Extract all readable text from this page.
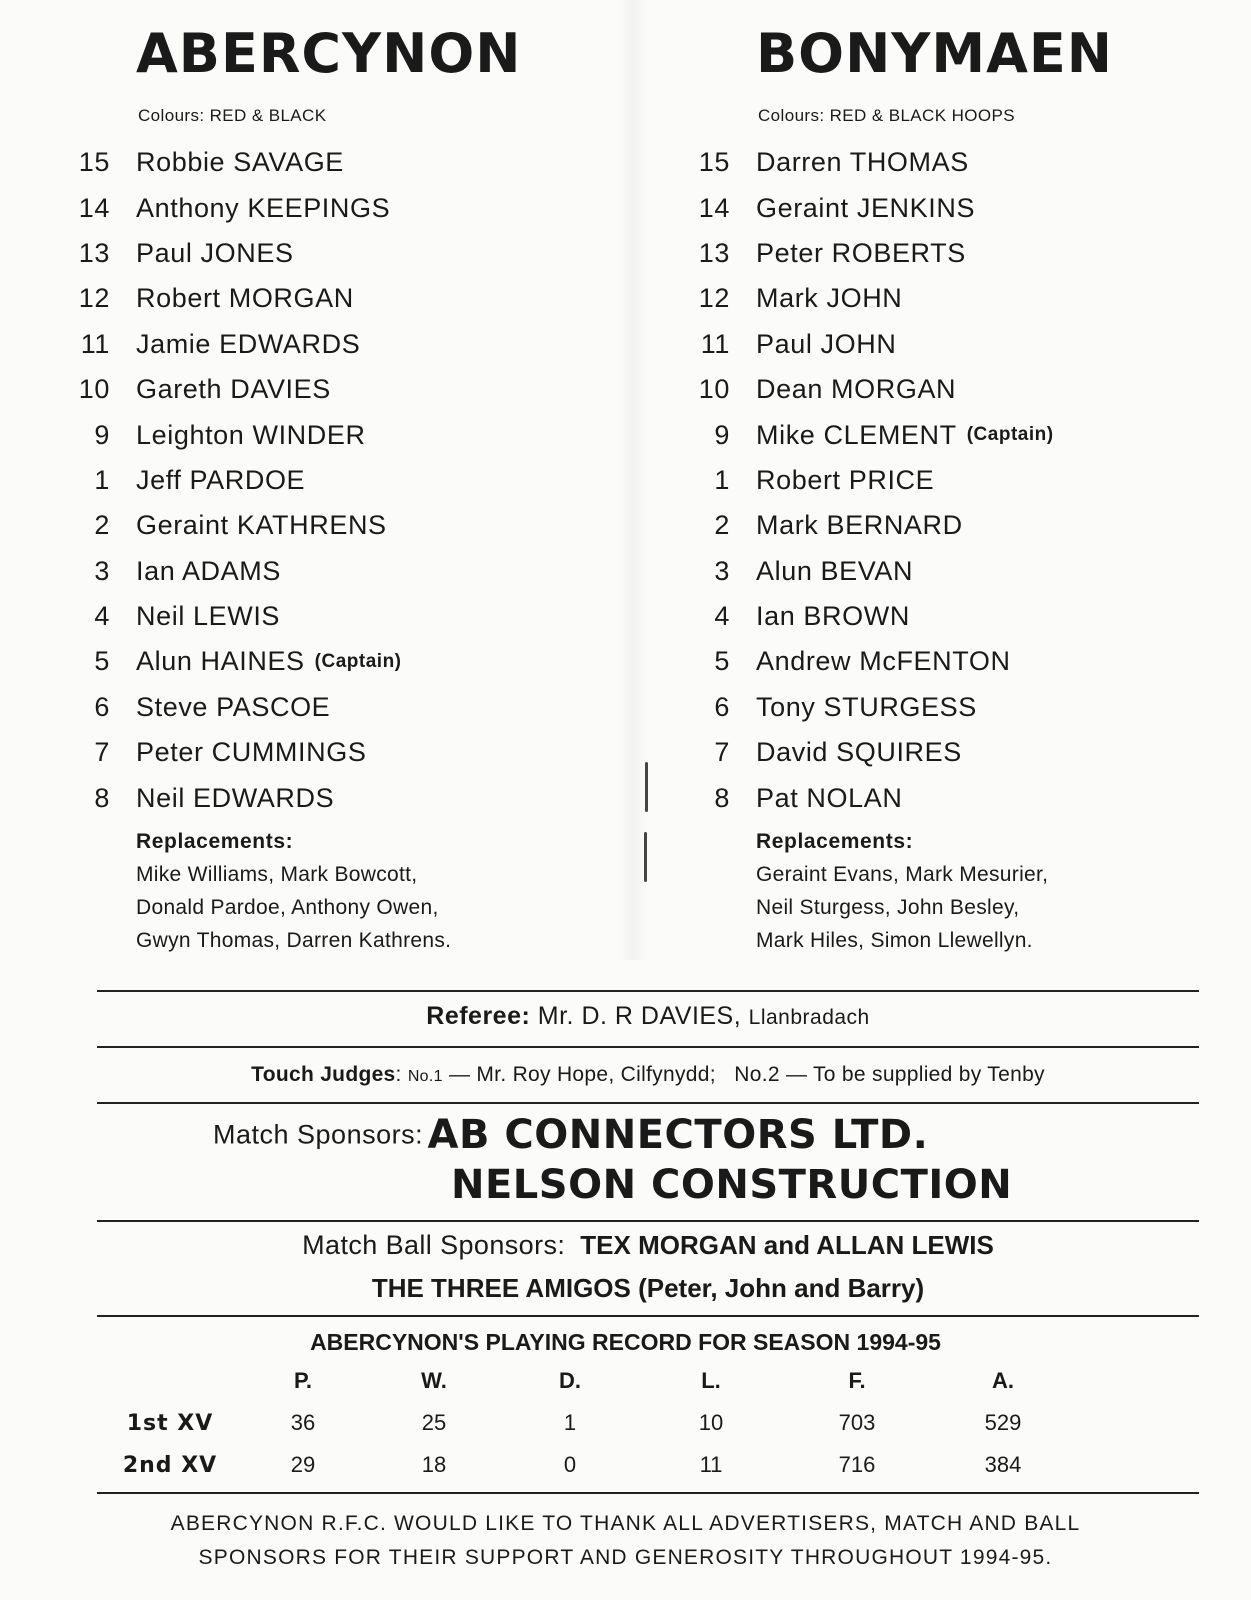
ABERCYNON
Colours: RED & BLACK
15 Robbie SAVAGE
14 Anthony KEEPINGS
13 Paul JONES
12 Robert MORGAN
11 Jamie EDWARDS
10 Gareth DAVIES
9 Leighton WINDER
1 Jeff PARDOE
2 Geraint KATHRENS
3 Ian ADAMS
4 Neil LEWIS
5 Alun HAINES (Captain)
6 Steve PASCOE
7 Peter CUMMINGS
8 Neil EDWARDS
Replacements:
Mike Williams, Mark Bowcott,
Donald Pardoe, Anthony Owen,
Gwyn Thomas, Darren Kathrens.
BONYMAEN
Colours: RED & BLACK HOOPS
15 Darren THOMAS
14 Geraint JENKINS
13 Peter ROBERTS
12 Mark JOHN
11 Paul JOHN
10 Dean MORGAN
9 Mike CLEMENT (Captain)
1 Robert PRICE
2 Mark BERNARD
3 Alun BEVAN
4 Ian BROWN
5 Andrew McFENTON
6 Tony STURGESS
7 David SQUIRES
8 Pat NOLAN
Replacements:
Geraint Evans, Mark Mesurier,
Neil Sturgess, John Besley,
Mark Hiles, Simon Llewellyn.
Referee: Mr. D. R DAVIES, Llanbradach
Touch Judges: No.1 — Mr. Roy Hope, Cilfynydd; No.2 — To be supplied by Tenby
Match Sponsors: AB CONNECTORS LTD.
NELSON CONSTRUCTION
Match Ball Sponsors: TEX MORGAN and ALLAN LEWIS
THE THREE AMIGOS (Peter, John and Barry)
ABERCYNON'S PLAYING RECORD FOR SEASON 1994-95
	P.	W.	D.	L.	F.	A.
1st XV	36	25	1	10	703	529
2nd XV	29	18	0	11	716	384
ABERCYNON R.F.C. WOULD LIKE TO THANK ALL ADVERTISERS, MATCH AND BALL
SPONSORS FOR THEIR SUPPORT AND GENEROSITY THROUGHOUT 1994-95.
